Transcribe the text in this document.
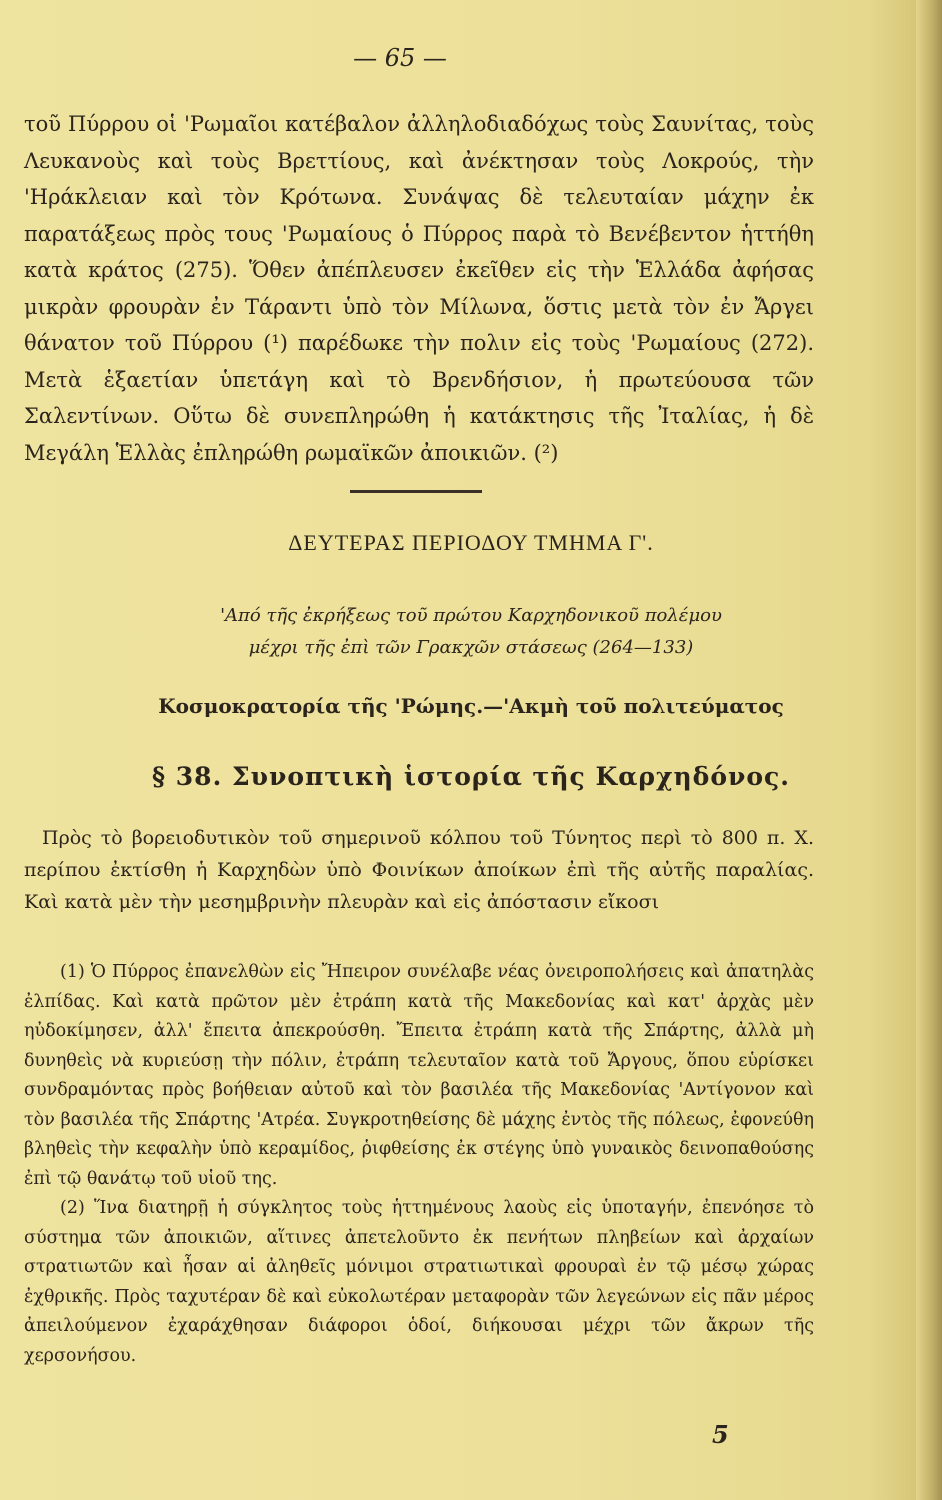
— 65 —

τοῦ Πύρρου οἱ 'Ρωμαῖοι κατέβαλον ἀλληλοδιαδόχως τοὺς Σαυνίτας, τοὺς Λευκανοὺς καὶ τοὺς Βρεττίους, καὶ ἀνέκτησαν τοὺς Λοκρούς, τὴν 'Ηράκλειαν καὶ τὸν Κρότωνα. Συνάψας δὲ τελευταίαν μάχην ἐκ παρατάξεως πρὸς τους 'Ρωμαίους ὁ Πύρρος παρὰ τὸ Βενέβεντον ἡττήθη κατὰ κράτος (275). Ὅθεν ἀπέπλευσεν ἐκεῖθεν εἰς τὴν Ἑλλάδα ἀφήσας μικρὰν φρουρὰν ἐν Τάραντι ὑπὸ τὸν Μίλωνα, ὅστις μετὰ τὸν ἐν Ἄργει θάνατον τοῦ Πύρρου (¹) παρέδωκε τὴν πολιν εἰς τοὺς 'Ρωμαίους (272). Μετὰ ἑξαετίαν ὑπετάγη καὶ τὸ Βρενδήσιον, ἡ πρωτεύουσα τῶν Σαλεντίνων. Οὕτω δὲ συνεπληρώθη ἡ κατάκτησις τῆς Ἰταλίας, ἡ δὲ Μεγάλη Ἑλλὰς ἐπληρώθη ρωμαϊκῶν ἀποικιῶν. (²)

ΔΕΥΤΕΡΑΣ ΠΕΡΙΟΔΟΥ ΤΜΗΜΑ Γ'.
'Από τῆς ἐκρήξεως τοῦ πρώτου Καρχηδονικοῦ πολέμου
μέχρι τῆς ἐπὶ τῶν Γρακχῶν στάσεως (264—133)
Κοσμοκρατορία τῆς 'Ρώμης.—'Ακμὴ τοῦ πολιτεύματος
§ 38. Συνοπτικὴ ἱστορία τῆς Καρχηδόνος.

Πρὸς τὸ βορειοδυτικὸν τοῦ σημερινοῦ κόλπου τοῦ Τύνητος περὶ τὸ 800 π. Χ. περίπου ἐκτίσθη ἡ Καρχηδὼν ὑπὸ Φοινίκων ἀποίκων ἐπὶ τῆς αὐτῆς παραλίας. Καὶ κατὰ μὲν τὴν μεσημβρινὴν πλευρὰν καὶ εἰς ἀπόστασιν εἴκοσι

(1) Ὁ Πύρρος ἐπανελθὼν εἰς Ἤπειρον συνέλαβε νέας ὀνειροπολήσεις καὶ ἀπατηλὰς ἐλπίδας. Καὶ κατὰ πρῶτον μὲν ἐτράπη κατὰ τῆς Μακεδονίας καὶ κατ' ἀρχὰς μὲν ηὐδοκίμησεν, ἀλλ' ἔπειτα ἀπεκρούσθη. Ἔπειτα ἐτράπη κατὰ τῆς Σπάρτης, ἀλλὰ μὴ δυνηθεὶς νὰ κυριεύσῃ τὴν πόλιν, ἐτράπη τελευταῖον κατὰ τοῦ Ἄργους, ὅπου εὑρίσκει συνδραμόντας πρὸς βοήθειαν αὐτοῦ καὶ τὸν βασιλέα τῆς Μακεδονίας 'Αντίγονον καὶ τὸν βασιλέα τῆς Σπάρτης 'Ατρέα. Συγκροτηθείσης δὲ μάχης ἐντὸς τῆς πόλεως, ἐφονεύθη βληθεὶς τὴν κεφαλὴν ὑπὸ κεραμίδος, ῥιφθείσης ἐκ στέγης ὑπὸ γυναικὸς δεινοπαθούσης ἐπὶ τῷ θανάτῳ τοῦ υἱοῦ της.

(2) Ἵνα διατηρῇ ἡ σύγκλητος τοὺς ἡττημένους λαοὺς εἰς ὑποταγήν, ἐπενόησε τὸ σύστημα τῶν ἀποικιῶν, αἵτινες ἀπετελοῦντο ἐκ πενήτων πληβείων καὶ ἀρχαίων στρατιωτῶν καὶ ἦσαν αἱ ἀληθεῖς μόνιμοι στρατιωτικαὶ φρουραὶ ἐν τῷ μέσῳ χώρας ἐχθρικῆς. Πρὸς ταχυτέραν δὲ καὶ εὐκολωτέραν μεταφορὰν τῶν λεγεώνων εἰς πᾶν μέρος ἀπειλούμενον ἐχαράχθησαν διάφοροι ὁδοί, διήκουσαι μέχρι τῶν ἄκρων τῆς χερσονήσου.

5
